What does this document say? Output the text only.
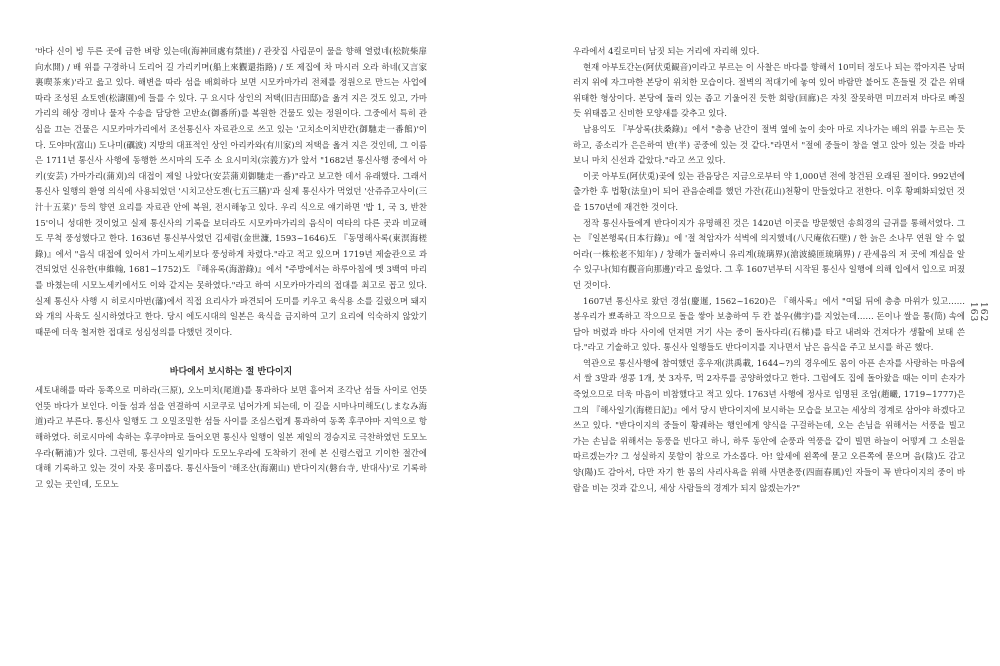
'바다 신이 빙 두른 곳에 금한 벼랑 있는데(海神回處有禁崖) / 관잣집 사립문이 물을 향해 열렸네(松院柴扉向水開) / 배 위를 구경하니 도리어 길 가리키며(船上來觀還指路) / 또 제집에 차 마시러 오라 하네(又言家裏喫茶來)'라고 읊고 있다. 해변을 따라 섬을 배회하다 보면 시모카마가리 전체를 정원으로 만드는 사업에 따라 조성된 쇼토엔(松濤園)에 들를 수 있다. 구 요시다 상인의 저택(旧吉田邸)을 옮겨 지은 것도 있고, 가마가리의 해상 경비나 물자 수송을 담당한 고반쇼(御番所)를 복원한 건물도 있는 정원이다. 그중에서 특히 관심을 끄는 건물은 시모카마가리에서 조선통신사 자료관으로 쓰고 있는 '고치소이치반칸(御馳走一番館)'이다. 도야마(富山) 도나미(礪波) 지방의 대표적인 상인 아리카와(有川家)의 저택을 옮겨 지은 것인데, 그 이름은 1711년 통신사 사행에 동행한 쓰시마의 도주 소 요시미치(宗義方)가 앞서 "1682년 통신사행 중에서 아키(安芸) 가마가리(蒲刈)의 대접이 제일 나았다(安芸蒲刈御馳走一番)"라고 보고한 데서 유래했다. 그래서 통신사 일행의 환영 의식에 사용되었던 '시치고산도젠(七五三膳)'과 실제 통신사가 먹었던 '산쥬쥬고사이(三汁十五菜)' 등의 향연 요리를 자료관 안에 복원, 전시해놓고 있다. 우리 식으로 얘기하면 '밥 1, 국 3, 반찬 15'이니 성대한 것이었고 실제 통신사의 기록을 보더라도 시모카마가리의 음식이 여타의 다른 곳과 비교해도 무척 풍성했다고 한다. 1636년 통신부사였던 김세렴(金世濂, 1593~1646)도 『동명해사록(東溟海槎錄)』에서 "음식 대접에 있어서 가미노세키보다 풍성하게 차렸다."라고 적고 있으며 1719년 제술관으로 과견되었던 신유한(申維翰, 1681~1752)도 『해유록(海游錄)』에서 "주방에서는 하루아침에 멧 3백여 마리를 바쳤는데 시모노세키에서도 이와 같지는 못하였다."라고 하여 시모카마가리의 접대를 최고로 꼽고 있다. 실제 통신사 사행 시 히로시마번(藩)에서 직접 요리사가 파견되어 도미를 키우고 육식용 소를 길렀으며 돼지와 개의 사육도 실시하였다고 한다. 당시 에도시대의 일본은 육식을 금지하여 고기 요리에 익숙하지 않았기 때문에 더욱 철저한 접대로 성심성의를 다했던 것이다.

바다에서 보시하는 절 반다이지

세토내해를 따라 동쪽으로 미하라(三原), 오노미치(尾道)를 통과하다 보면 흩어져 조각난 섬들 사이로 언뜻언뜻 바다가 보인다. 이들 섬과 섬을 연결하여 시코쿠로 넘어가게 되는데, 이 길을 시마나미해도(しまなみ海道)라고 부른다. 통신사 일행도 그 오밀조밀한 섬들 사이를 조심스럽게 통과하여 동쪽 후쿠야마 지역으로 항해하였다. 히로시마에 속하는 후쿠야마로 들어오면 통신사 일행이 일본 제일의 경승지로 극찬하였던 도모노우라(鞆浦)가 있다. 그런데, 통신사의 일기마다 도모노우라에 도착하기 전에 본 신령스럽고 기이한 절간에 대해 기록하고 있는 것이 자못 흥미롭다. 통신사들이 '해조산(海潮山) 반다이지(磐台寺, 반대사)'로 기록하고 있는 곳인데, 도모노

우라에서 4킬로미터 남짓 되는 거리에 자리해 있다.

현재 아부토간논(阿伏兎観音)이라고 부르는 이 사찰은 바다를 향해서 10미터 정도나 되는 깎아지른 낭떠러지 위에 자그마한 본당이 위치한 모습이다. 절벽의 적대기에 놓여 있어 바람만 불어도 흔들릴 것 같은 위태위태한 형상이다. 본당에 둘러 있는 좁고 기울어진 듯한 회랑(回廊)은 자칫 잘못하면 미끄러져 바다로 빠질 듯 위태롭고 신비한 모양새를 갖추고 있다.

남용익도 『부상록(扶桑錄)』에서 "층층 난간이 절벽 옆에 높이 솟아 마로 지나가는 배의 위를 누르는 듯하고, 종소리가 은은하여 반(半) 공중에 있는 것 같다."라면서 "절에 중들이 창을 열고 앉아 있는 것을 바라보니 마치 신선과 같았다."라고 쓰고 있다.

이곳 아부토(阿伏兎)곶에 있는 관음당은 지금으로부터 약 1,000년 전에 창건된 오래된 절이다. 992년에 출가한 후 법황(法皇)이 되어 관음순례를 했던 가잔(花山)천황이 만들었다고 전한다. 이후 황폐화되었던 것을 1570년에 재건한 것이다.

정작 통신사들에게 반다이지가 유명해진 것은 1420년 이곳을 방문했던 송희경의 글귀를 통해서였다. 그는 『일본행록(日本行錄)』에 '절 척암자가 석벽에 의지했네(八尺庵依石壁) / 한 늙은 소나무 연원 알 수 없어라(一株松老不知年) / 창해가 둘러싸니 유리계(琉璃界)(滄波繞匝琉璃界) / 관세음의 저 곳에 계심을 알 수 있구나(知有觀音向那邊)'라고 읊었다. 그 후 1607년부터 시작된 통신사 일행에 의해 입에서 입으로 퍼졌던 것이다.

1607년 통신사로 왔던 경섬(慶暹, 1562~1620)은 『해사록』에서 "여덟 뒤에 층층 마위가 있고…… 봉우리가 뾰족하고 작으므로 돌을 쌓아 보충하여 두 칸 불우(佛宇)를 지었는데…… 돈이나 쌀을 통(筒) 속에 담아 버렸과 바다 사이에 던져면 거기 사는 중이 돌사다리(石梯)를 타고 내려와 건져다가 생활에 보태 쓴다."라고 기술하고 있다. 통신사 일행들도 반다이지를 지나면서 남은 음식을 주고 보시를 하곤 했다.

역관으로 통신사행에 참여했던 홍우재(洪禹載, 1644~?)의 경우에도 몸이 아픈 손자를 사랑하는 마음에서 쌀 3말과 생콩 1개, 붓 3자루, 먹 2자루를 공양하였다고 한다. 그럼에도 집에 돌아왔을 때는 이미 손자가 죽었으므로 더욱 마음이 비참했다고 적고 있다. 1763년 사행에 정사로 임명된 조엄(趙曮, 1719~1777)은 그의 『해사일기(海槎日記)』에서 당시 반다이지에 보시하는 모습을 보고는 세상의 경계로 삼아야 하겠다고 쓰고 있다. "반다이지의 중들이 황궤하는 행인에게 양식을 구걸하는데, 오는 손님을 위해서는 서풍을 빌고 가는 손님을 위해서는 동풍을 빈다고 하니, 하루 동안에 순풍과 역풍을 같이 빌면 하늘이 어떻게 그 소원을 따르겠는가? 그 성실하지 못함이 참으로 가소롭다. 아! 앞세에 왼쪽에 묻고 오른쪽에 묻으며 음(陰)도 감고 양(陽)도 감아서, 다만 자기 한 몸의 사리사욕을 위해 사면춘풍(四面春風)인 자들이 꼭 반다이지의 중이 바람을 비는 것과 같으니, 세상 사람들의 경계가 되지 않겠는가?"

162
163
